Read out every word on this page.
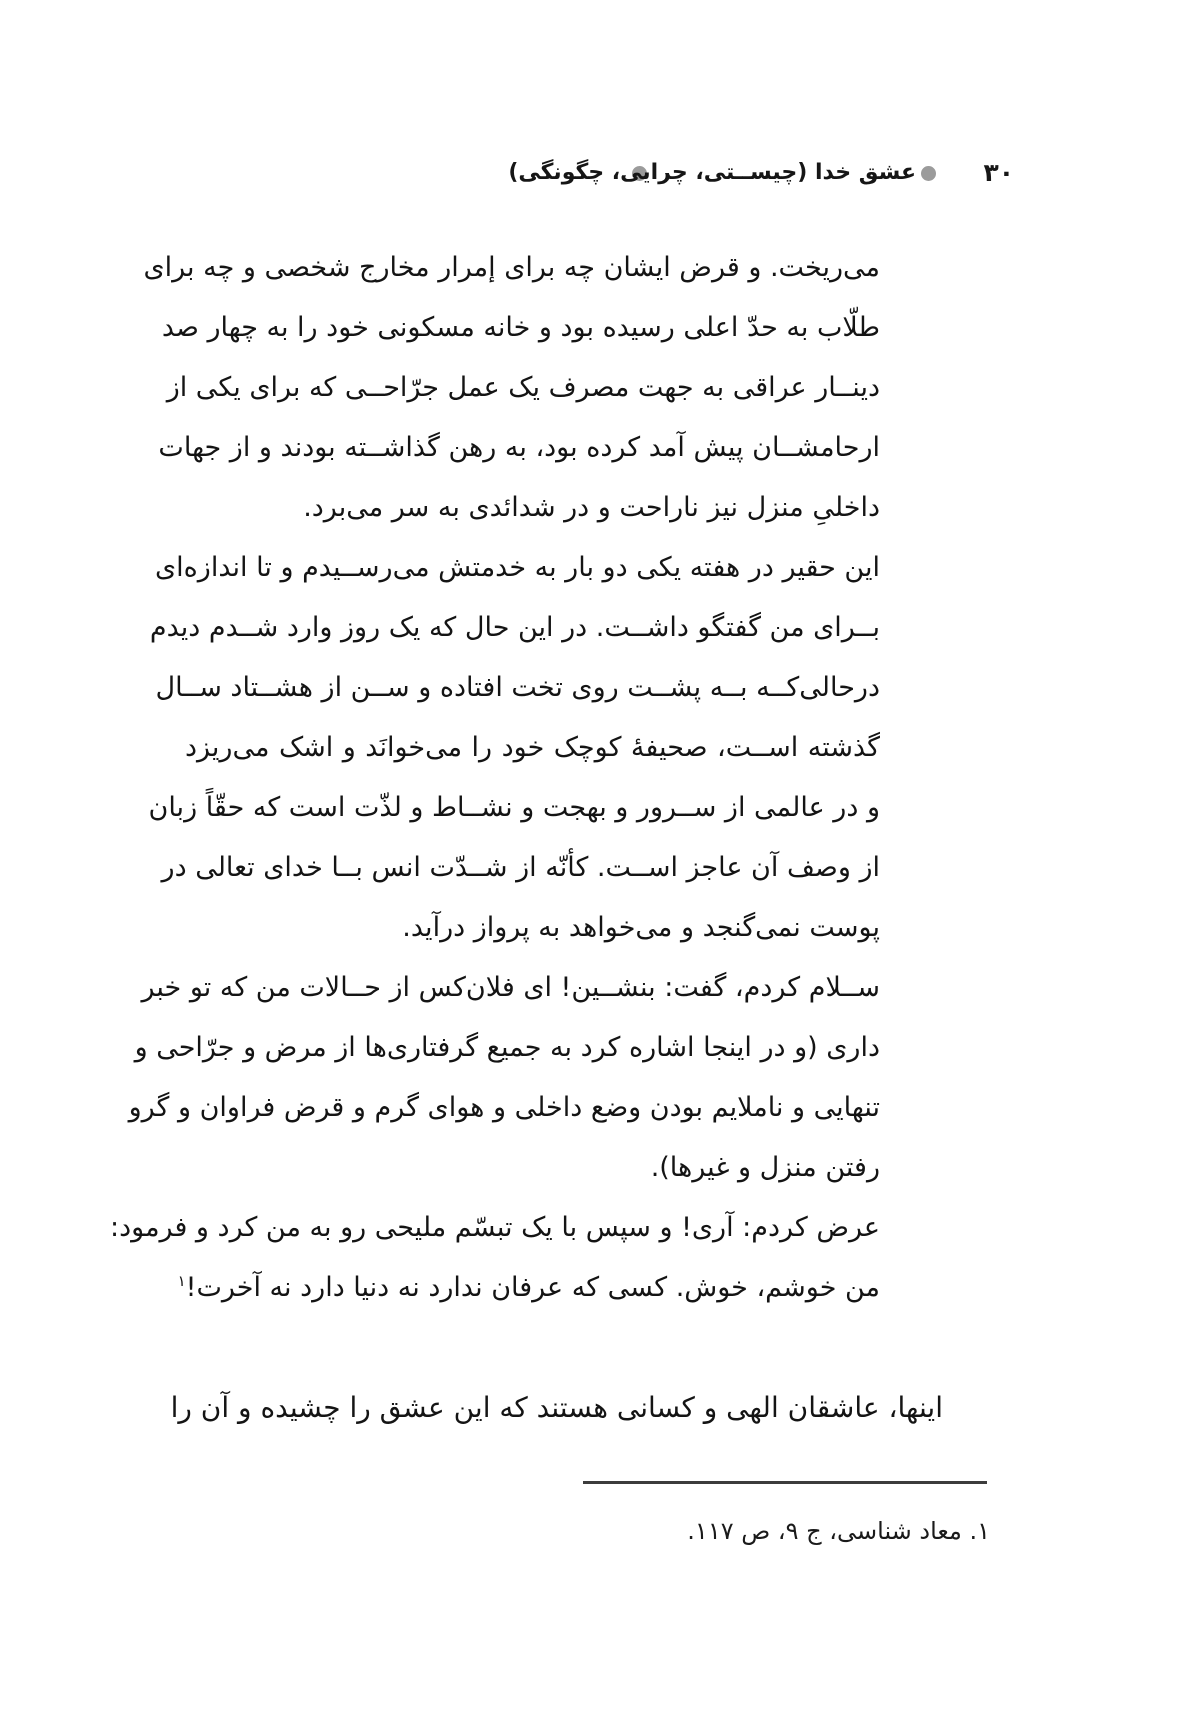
عشق خدا (چیســتی، چرایی، چگونگی)	۳۰
می‌ریخت. و قرض ایشان چه برای إمرار مخارج شخصی و چه برای
طلّاب به حدّ اعلی رسیده بود و خانه مسکونی خود را به چهار صد
دینــار عراقی به جهت مصرف یک عمل جرّاحــی که برای یکی از
ارحامشــان پیش آمد کرده بود، به رهن گذاشــته بودند و از جهات
داخلیِ منزل نیز ناراحت و در شدائدی به سر می‌برد.
این حقیر در هفته یکی دو بار به خدمتش می‌رســیدم و تا اندازه‌ای
بــرای من گفتگو داشــت. در این حال که یک روز وارد شــدم دیدم
درحالی‌کــه بــه پشــت روی تخت افتاده و ســن از هشــتاد ســال
گذشته اســت، صحیفهٔ کوچک خود را می‌خوانَد و اشک می‌ریزد
و در عالمی از ســرور و بهجت و نشــاط و لذّت است که حقّاً زبان
از وصف آن عاجز اســت. کأنّه از شــدّت انس بــا خدای تعالی در
پوست نمی‌گنجد و می‌خواهد به پرواز درآید.
ســلام کردم، گفت: بنشــین! ای فلان‌کس از حــالات من که تو خبر
داری (و در اینجا اشاره کرد به جمیع گرفتاری‌ها از مرض و جرّاحی و
تنهایی و ناملایم بودن وضع داخلی و هوای گرم و قرض فراوان و گرو
رفتن منزل و غیرها).
عرض کردم: آری! و سپس با یک تبسّم ملیحی رو به من کرد و فرمود:
من خوشم، خوش. کسی که عرفان ندارد نه دنیا دارد نه آخرت!$^۱$
اینها، عاشقان الهی و کسانی هستند که این عشق را چشیده و آن را
۱. معاد شناسی، ج ۹، ص ۱۱۷.
